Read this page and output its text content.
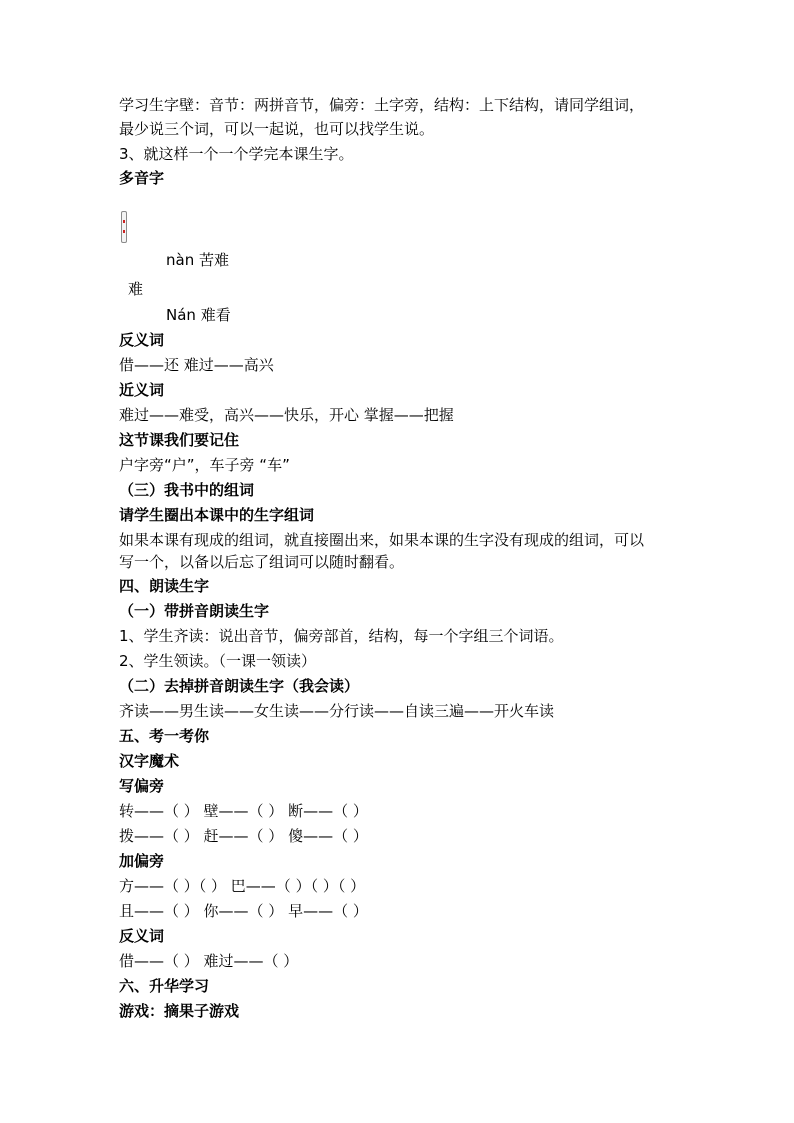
学习生字壁：音节：两拼音节，偏旁：土字旁，结构：上下结构，请同学组词，
最少说三个词，可以一起说，也可以找学生说。
3、就这样一个一个学完本课生字。
多音字
nàn 苦难
难
Nán 难看
反义词
借——还 难过——高兴
近义词
难过——难受，高兴——快乐，开心 掌握——把握
这节课我们要记住
户字旁“户”，车子旁 “车”
（三）我书中的组词
请学生圈出本课中的生字组词
如果本课有现成的组词，就直接圈出来，如果本课的生字没有现成的组词，可以
写一个，以备以后忘了组词可以随时翻看。
四、朗读生字
（一）带拼音朗读生字
1、学生齐读：说出音节，偏旁部首，结构，每一个字组三个词语。
2、学生领读。（一课一领读）
（二）去掉拼音朗读生字（我会读）
齐读——男生读——女生读——分行读——自读三遍——开火车读
五、考一考你
汉字魔术
写偏旁
转——（ ） 壁——（ ） 断——（ ）
拨——（ ） 赶——（ ） 傻——（ ）
加偏旁
方——（ ）（ ） 巴——（ ）（ ）（ ）
且——（ ） 你——（ ） 早——（ ）
反义词
借——（ ） 难过——（ ）
六、升华学习
游戏：摘果子游戏
